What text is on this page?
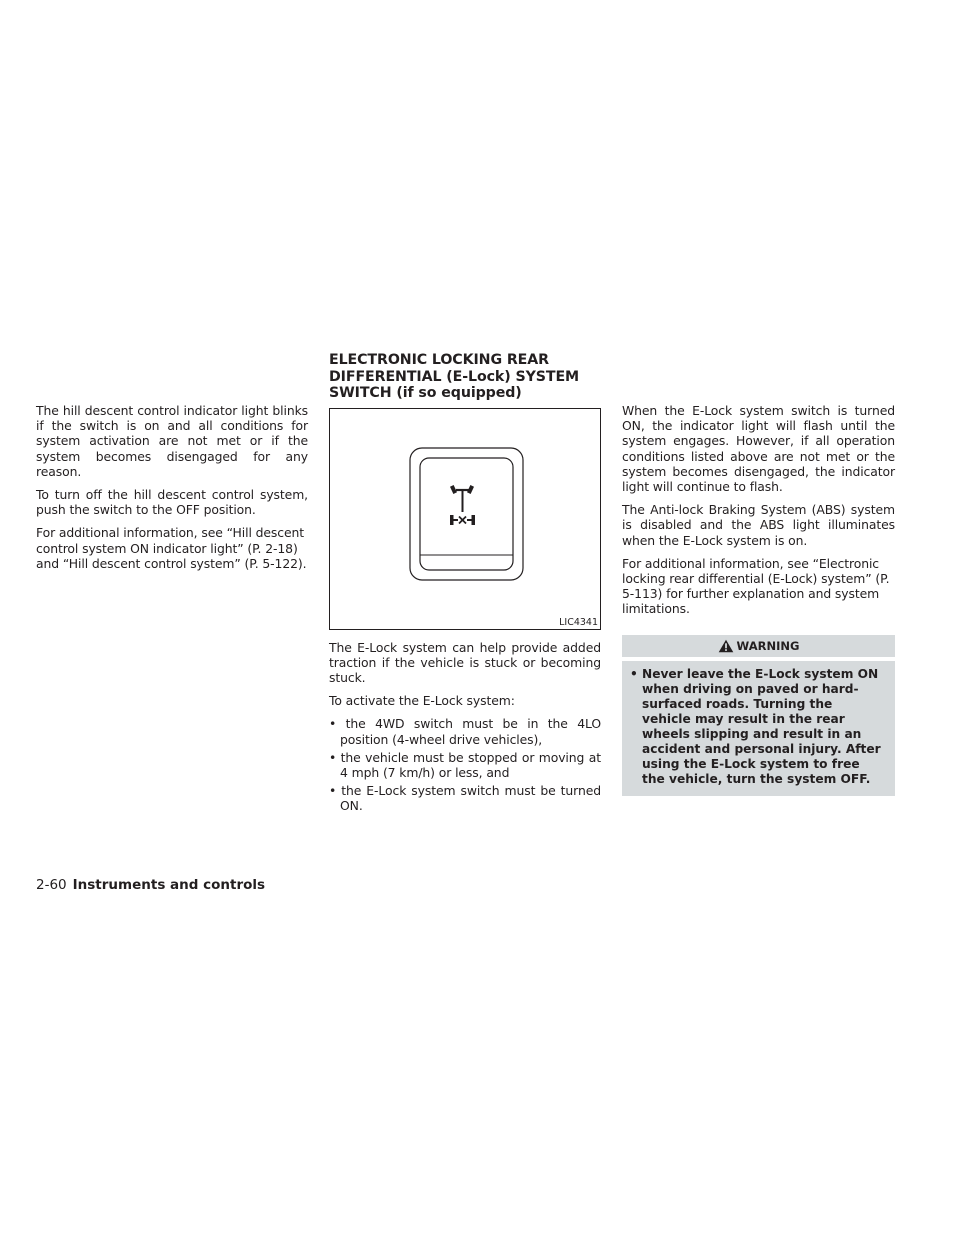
The hill descent control indicator light blinks if the switch is on and all conditions for system activation are not met or if the system becomes disengaged for any reason.

To turn off the hill descent control system, push the switch to the OFF position.

For additional information, see “Hill descent control system ON indicator light” (P. 2-18) and “Hill descent control system” (P. 5-122).

ELECTRONIC LOCKING REAR DIFFERENTIAL (E-Lock) SYSTEM SWITCH (if so equipped)
LIC4341

The E-Lock system can help provide added traction if the vehicle is stuck or becoming stuck.

To activate the E-Lock system:

• the 4WD switch must be in the 4LO position (4-wheel drive vehicles),
• the vehicle must be stopped or moving at 4 mph (7 km/h) or less, and
• the E-Lock system switch must be turned ON.

When the E-Lock system switch is turned ON, the indicator light will flash until the system engages. However, if all operation conditions listed above are not met or the system becomes disengaged, the indicator light will continue to flash.

The Anti-lock Braking System (ABS) system is disabled and the ABS light illuminates when the E-Lock system is on.

For additional information, see “Electronic locking rear differential (E-Lock) system” (P. 5-113) for further explanation and system limitations.

WARNING
• Never leave the E-Lock system ON when driving on paved or hard-surfaced roads. Turning the vehicle may result in the rear wheels slipping and result in an accident and personal injury. After using the E-Lock system to free the vehicle, turn the system OFF.
2-60 Instruments and controls
